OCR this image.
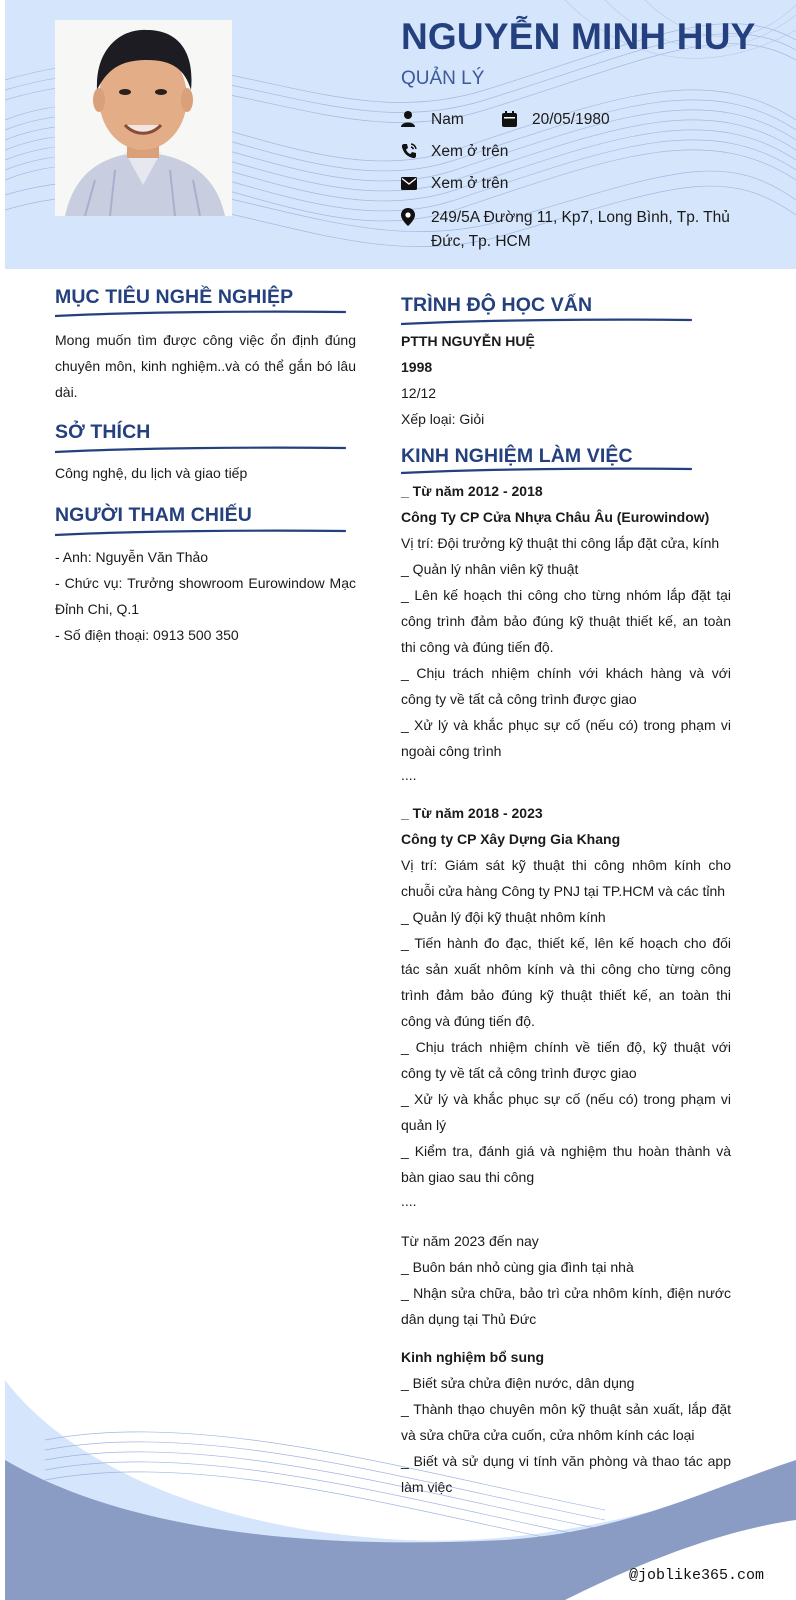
NGUYỄN MINH HUY
QUẢN LÝ
Nam	20/05/1980
Xem ở trên
Xem ở trên
249/5A Đường 11, Kp7, Long Bình, Tp. Thủ Đức, Tp. HCM
MỤC TIÊU NGHỀ NGHIỆP
Mong muốn tìm được công việc ổn định đúng chuyên môn, kinh nghiệm..và có thể gắn bó lâu dài.
SỞ THÍCH
Công nghệ, du lịch và giao tiếp
NGƯỜI THAM CHIẾU
- Anh: Nguyễn Văn Thảo
- Chức vụ: Trưởng showroom Eurowindow Mạc Đỉnh Chi, Q.1
- Số điện thoại: 0913 500 350
TRÌNH ĐỘ HỌC VẤN
PTTH NGUYỄN HUỆ
1998
12/12
Xếp loại: Giỏi
KINH NGHIỆM LÀM VIỆC
_ Từ năm 2012 - 2018
Công Ty CP Cửa Nhựa Châu Âu (Eurowindow)
Vị trí: Đội trưởng kỹ thuật thi công lắp đặt cửa, kính
_ Quản lý nhân viên kỹ thuật
_ Lên kế hoạch thi công cho từng nhóm lắp đặt tại công trình đảm bảo đúng kỹ thuật thiết kế, an toàn thi công và đúng tiến độ.
_ Chịu trách nhiệm chính với khách hàng và với công ty về tất cả công trình được giao
_ Xử lý và khắc phục sự cố (nếu có) trong phạm vi ngoài công trình
....
_ Từ năm 2018 - 2023
Công ty CP Xây Dựng Gia Khang
Vị trí: Giám sát kỹ thuật thi công nhôm kính cho chuỗi cửa hàng Công ty PNJ tại TP.HCM và các tỉnh
_ Quản lý đội kỹ thuật nhôm kính
_ Tiến hành đo đạc, thiết kế, lên kế hoạch cho đối tác sản xuất nhôm kính và thi công cho từng công trình đảm bảo đúng kỹ thuật thiết kế, an toàn thi công và đúng tiến độ.
_ Chịu trách nhiệm chính về tiến độ, kỹ thuật với công ty về tất cả công trình được giao
_ Xử lý và khắc phục sự cố (nếu có) trong phạm vi quản lý
_ Kiểm tra, đánh giá và nghiệm thu hoàn thành và bàn giao sau thi công
....
Từ năm 2023 đến nay
_ Buôn bán nhỏ cùng gia đình tại nhà
_ Nhận sửa chữa, bảo trì cửa nhôm kính, điện nước dân dụng tại Thủ Đức
Kinh nghiệm bổ sung
_ Biết sửa chửa điện nước, dân dụng
_ Thành thạo chuyên môn kỹ thuật sản xuất, lắp đặt và sửa chữa cửa cuốn, cửa nhôm kính các loại
_ Biết và sử dụng vi tính văn phòng và thao tác app làm việc
@joblike365.com
